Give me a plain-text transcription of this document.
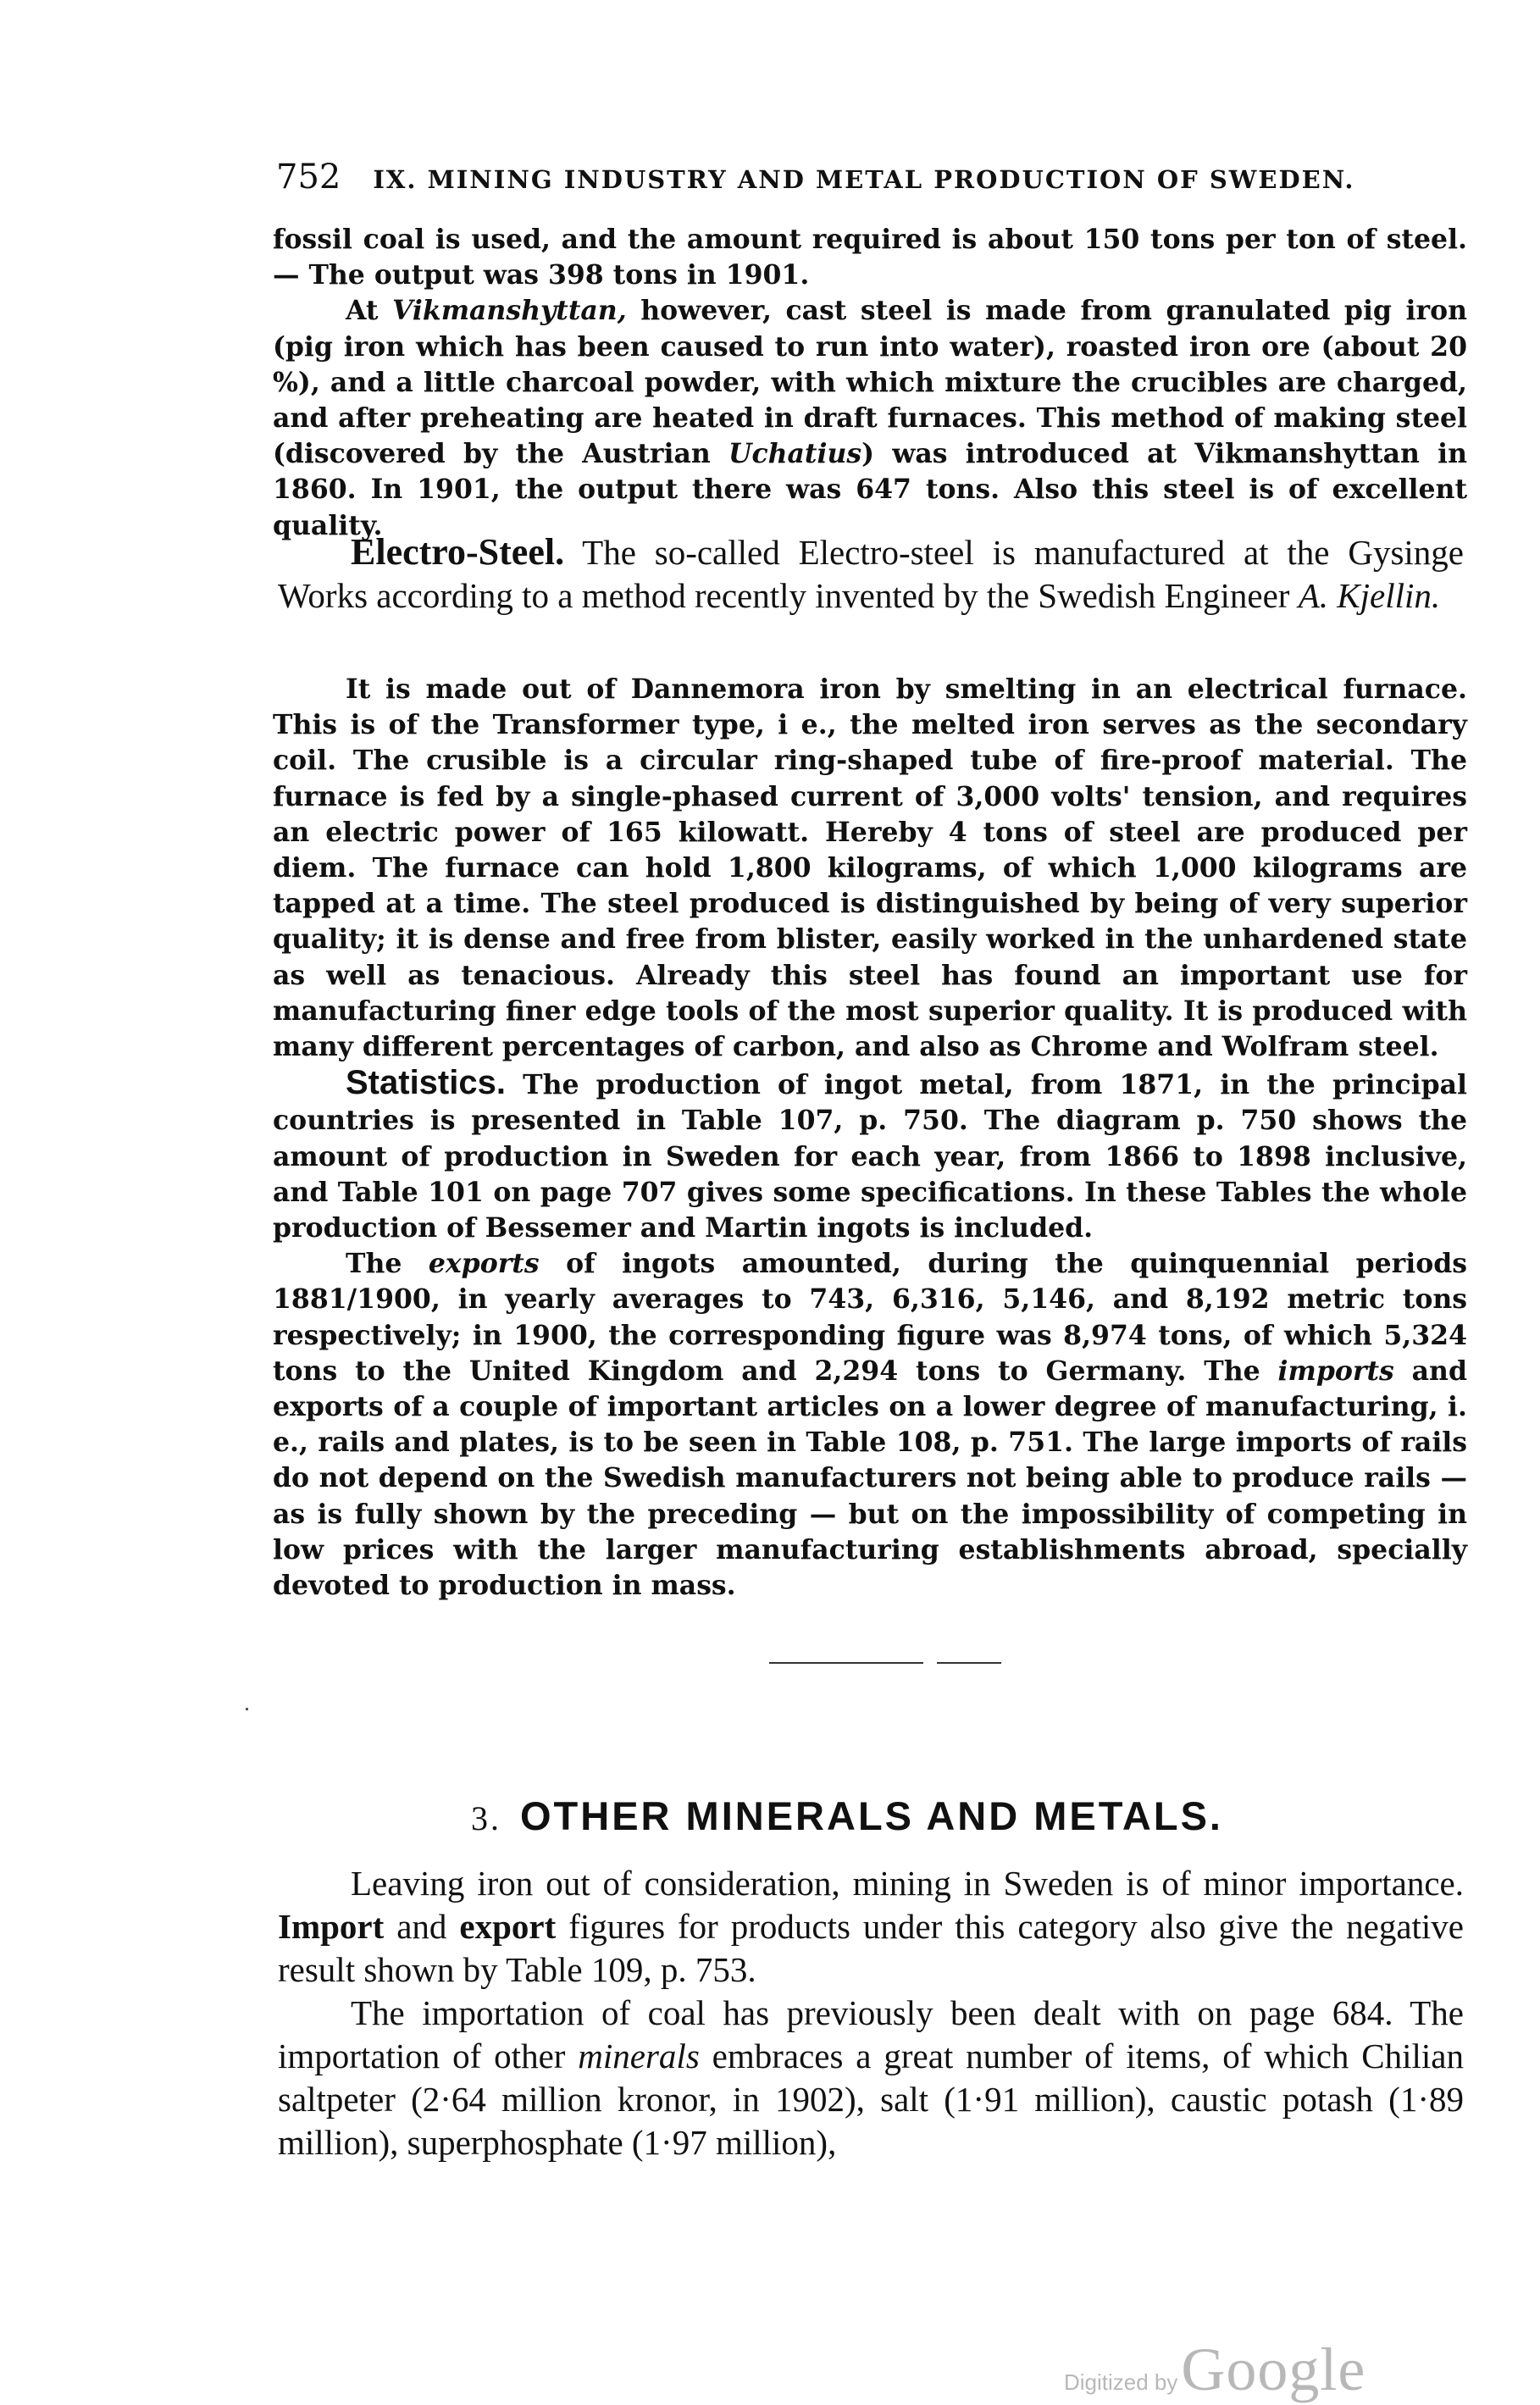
752 IX. MINING INDUSTRY AND METAL PRODUCTION OF SWEDEN.

fossil coal is used, and the amount required is about 150 tons per ton of steel. — The output was 398 tons in 1901.

At Vikmanshyttan, however, cast steel is made from granulated pig iron (pig iron which has been caused to run into water), roasted iron ore (about 20 %), and a little charcoal powder, with which mixture the crucibles are charged, and after preheating are heated in draft furnaces. This method of making steel (discovered by the Austrian Uchatius) was introduced at Vikmanshyttan in 1860. In 1901, the output there was 647 tons. Also this steel is of excellent quality.

Electro-Steel. The so-called Electro-steel is manufactured at the Gysinge Works according to a method recently invented by the Swedish Engineer A. Kjellin.

It is made out of Dannemora iron by smelting in an electrical furnace. This is of the Transformer type, i e., the melted iron serves as the secondary coil. The crusible is a circular ring-shaped tube of fire-proof material. The furnace is fed by a single-phased current of 3,000 volts' tension, and requires an electric power of 165 kilowatt. Hereby 4 tons of steel are produced per diem. The furnace can hold 1,800 kilograms, of which 1,000 kilograms are tapped at a time. The steel produced is distinguished by being of very superior quality; it is dense and free from blister, easily worked in the unhardened state as well as tenacious. Already this steel has found an important use for manufacturing finer edge tools of the most superior quality. It is produced with many different percentages of carbon, and also as Chrome and Wolfram steel.

Statistics. The production of ingot metal, from 1871, in the principal countries is presented in Table 107, p. 750. The diagram p. 750 shows the amount of production in Sweden for each year, from 1866 to 1898 inclusive, and Table 101 on page 707 gives some specifications. In these Tables the whole production of Bessemer and Martin ingots is included.

The exports of ingots amounted, during the quinquennial periods 1881/1900, in yearly averages to 743, 6,316, 5,146, and 8,192 metric tons respectively; in 1900, the corresponding figure was 8,974 tons, of which 5,324 tons to the United Kingdom and 2,294 tons to Germany. The imports and exports of a couple of important articles on a lower degree of manufacturing, i. e., rails and plates, is to be seen in Table 108, p. 751. The large imports of rails do not depend on the Swedish manufacturers not being able to produce rails — as is fully shown by the preceding — but on the impossibility of competing in low prices with the larger manufacturing establishments abroad, specially devoted to production in mass.

3. OTHER MINERALS AND METALS.

Leaving iron out of consideration, mining in Sweden is of minor importance. Import and export figures for products under this category also give the negative result shown by Table 109, p. 753.

The importation of coal has previously been dealt with on page 684. The importation of other minerals embraces a great number of items, of which Chilian saltpeter (2·64 million kronor, in 1902), salt (1·91 million), caustic potash (1·89 million), superphosphate (1·97 million),

Digitized by Google
